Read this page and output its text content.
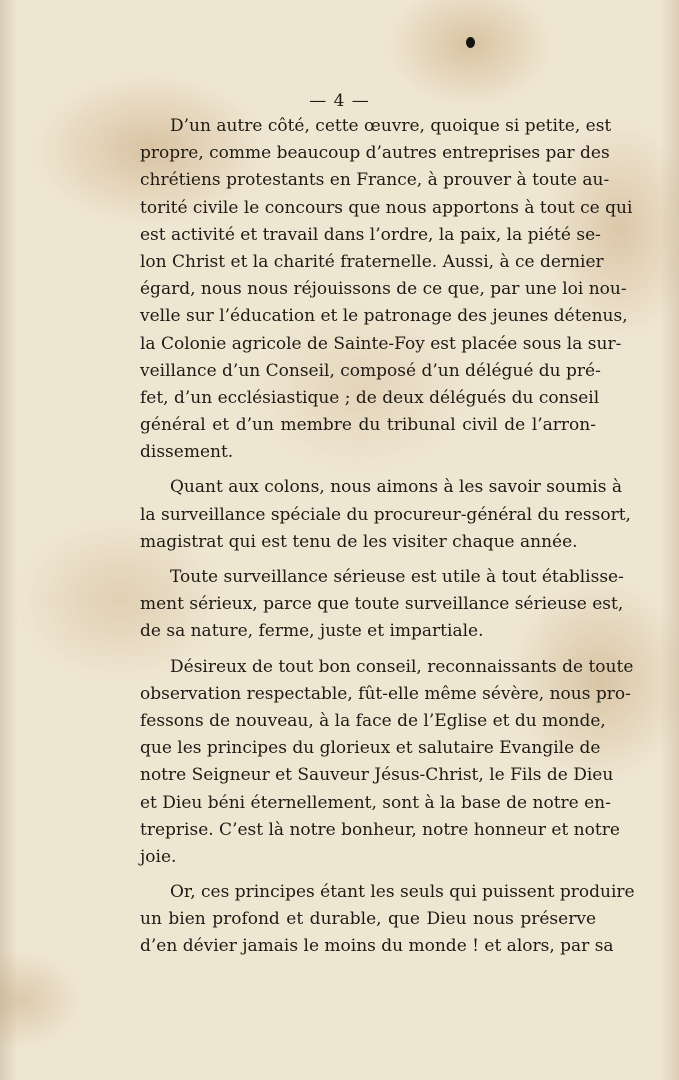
— 4 —

D’un autre côté, cette œuvre, quoique si petite, est
propre, comme beaucoup d’autres entreprises par des
chrétiens protestants en France, à prouver à toute au-
torité civile le concours que nous apportons à tout ce qui
est activité et travail dans l’ordre, la paix, la piété se-
lon Christ et la charité fraternelle. Aussi, à ce dernier
égard, nous nous réjouissons de ce que, par une loi nou-
velle sur l’éducation et le patronage des jeunes détenus,
la Colonie agricole de Sainte-Foy est placée sous la sur-
veillance d’un Conseil, composé d’un délégué du pré-
fet, d’un ecclésiastique ; de deux délégués du conseil
général et d’un membre du tribunal civil de l’arron-
dissement.
Quant aux colons, nous aimons à les savoir soumis à
la surveillance spéciale du procureur-général du ressort,
magistrat qui est tenu de les visiter chaque année.
Toute surveillance sérieuse est utile à tout établisse-
ment sérieux, parce que toute surveillance sérieuse est,
de sa nature, ferme, juste et impartiale.
Désireux de tout bon conseil, reconnaissants de toute
observation respectable, fût-elle même sévère, nous pro-
fessons de nouveau, à la face de l’Eglise et du monde,
que les principes du glorieux et salutaire Evangile de
notre Seigneur et Sauveur Jésus-Christ, le Fils de Dieu
et Dieu béni éternellement, sont à la base de notre en-
treprise. C’est là notre bonheur, notre honneur et notre
joie.
Or, ces principes étant les seuls qui puissent produire
un bien profond et durable, que Dieu nous préserve
d’en dévier jamais le moins du monde ! et alors, par sa
